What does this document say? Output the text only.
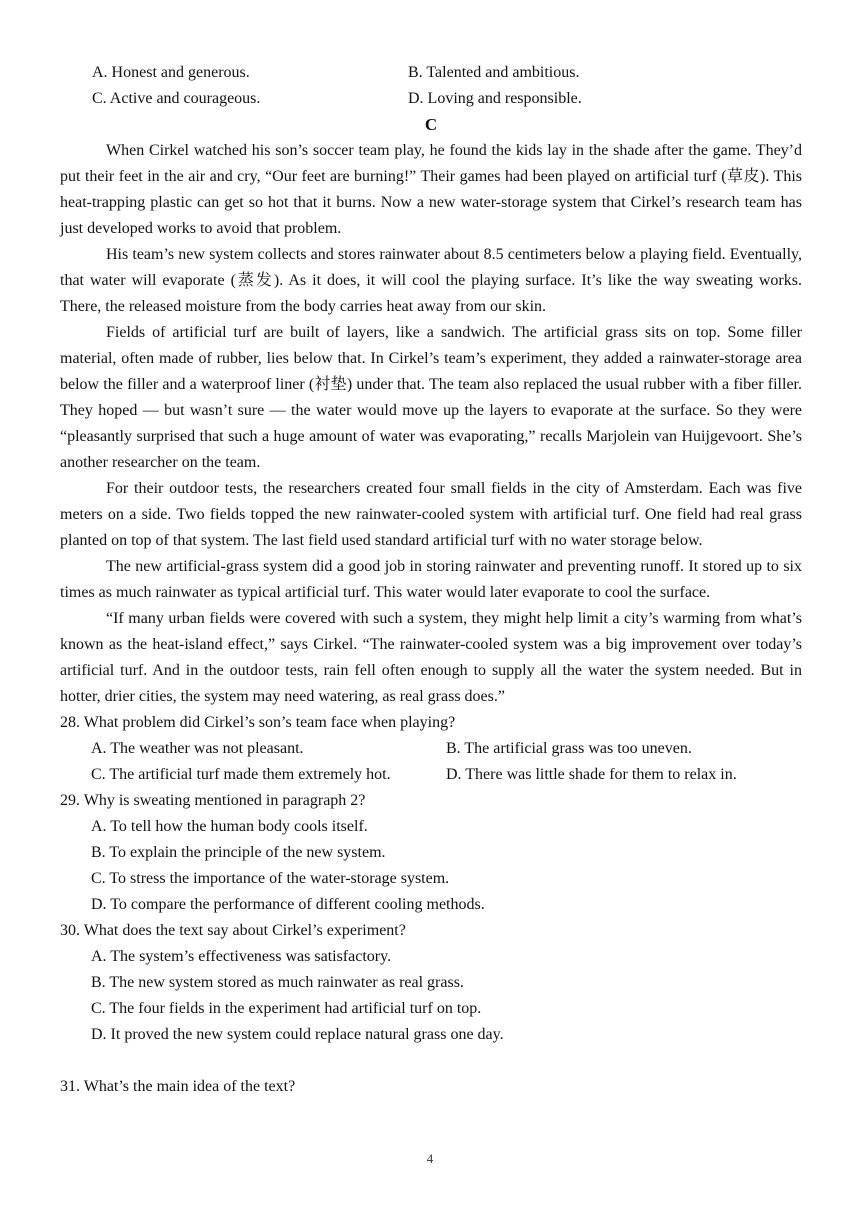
A. Honest and generous.	B. Talented and ambitious.
C. Active and courageous.	D. Loving and responsible.
C

When Cirkel watched his son’s soccer team play, he found the kids lay in the shade after the game. They’d put their feet in the air and cry, “Our feet are burning!” Their games had been played on artificial turf (草皮). This heat-trapping plastic can get so hot that it burns. Now a new water-storage system that Cirkel’s research team has just developed works to avoid that problem.

His team’s new system collects and stores rainwater about 8.5 centimeters below a playing field. Eventually, that water will evaporate (蒸发). As it does, it will cool the playing surface. It’s like the way sweating works. There, the released moisture from the body carries heat away from our skin.

Fields of artificial turf are built of layers, like a sandwich. The artificial grass sits on top. Some filler material, often made of rubber, lies below that. In Cirkel’s team’s experiment, they added a rainwater-storage area below the filler and a waterproof liner (衬垫) under that. The team also replaced the usual rubber with a fiber filler. They hoped — but wasn’t sure — the water would move up the layers to evaporate at the surface. So they were “pleasantly surprised that such a huge amount of water was evaporating,” recalls Marjolein van Huijgevoort. She’s another researcher on the team.

For their outdoor tests, the researchers created four small fields in the city of Amsterdam. Each was five meters on a side. Two fields topped the new rainwater-cooled system with artificial turf. One field had real grass planted on top of that system. The last field used standard artificial turf with no water storage below.

The new artificial-grass system did a good job in storing rainwater and preventing runoff. It stored up to six times as much rainwater as typical artificial turf. This water would later evaporate to cool the surface.

“If many urban fields were covered with such a system, they might help limit a city’s warming from what’s known as the heat-island effect,” says Cirkel. “The rainwater-cooled system was a big improvement over today’s artificial turf. And in the outdoor tests, rain fell often enough to supply all the water the system needed. But in hotter, drier cities, the system may need watering, as real grass does.”

28. What problem did Cirkel’s son’s team face when playing?

A. The weather was not pleasant.	B. The artificial grass was too uneven.
C. The artificial turf made them extremely hot.	D. There was little shade for them to relax in.

29. Why is sweating mentioned in paragraph 2?

A. To tell how the human body cools itself.
B. To explain the principle of the new system.
C. To stress the importance of the water-storage system.
D. To compare the performance of different cooling methods.

30. What does the text say about Cirkel’s experiment?

A. The system’s effectiveness was satisfactory.
B. The new system stored as much rainwater as real grass.
C. The four fields in the experiment had artificial turf on top.
D. It proved the new system could replace natural grass one day.

31. What’s the main idea of the text?

4
